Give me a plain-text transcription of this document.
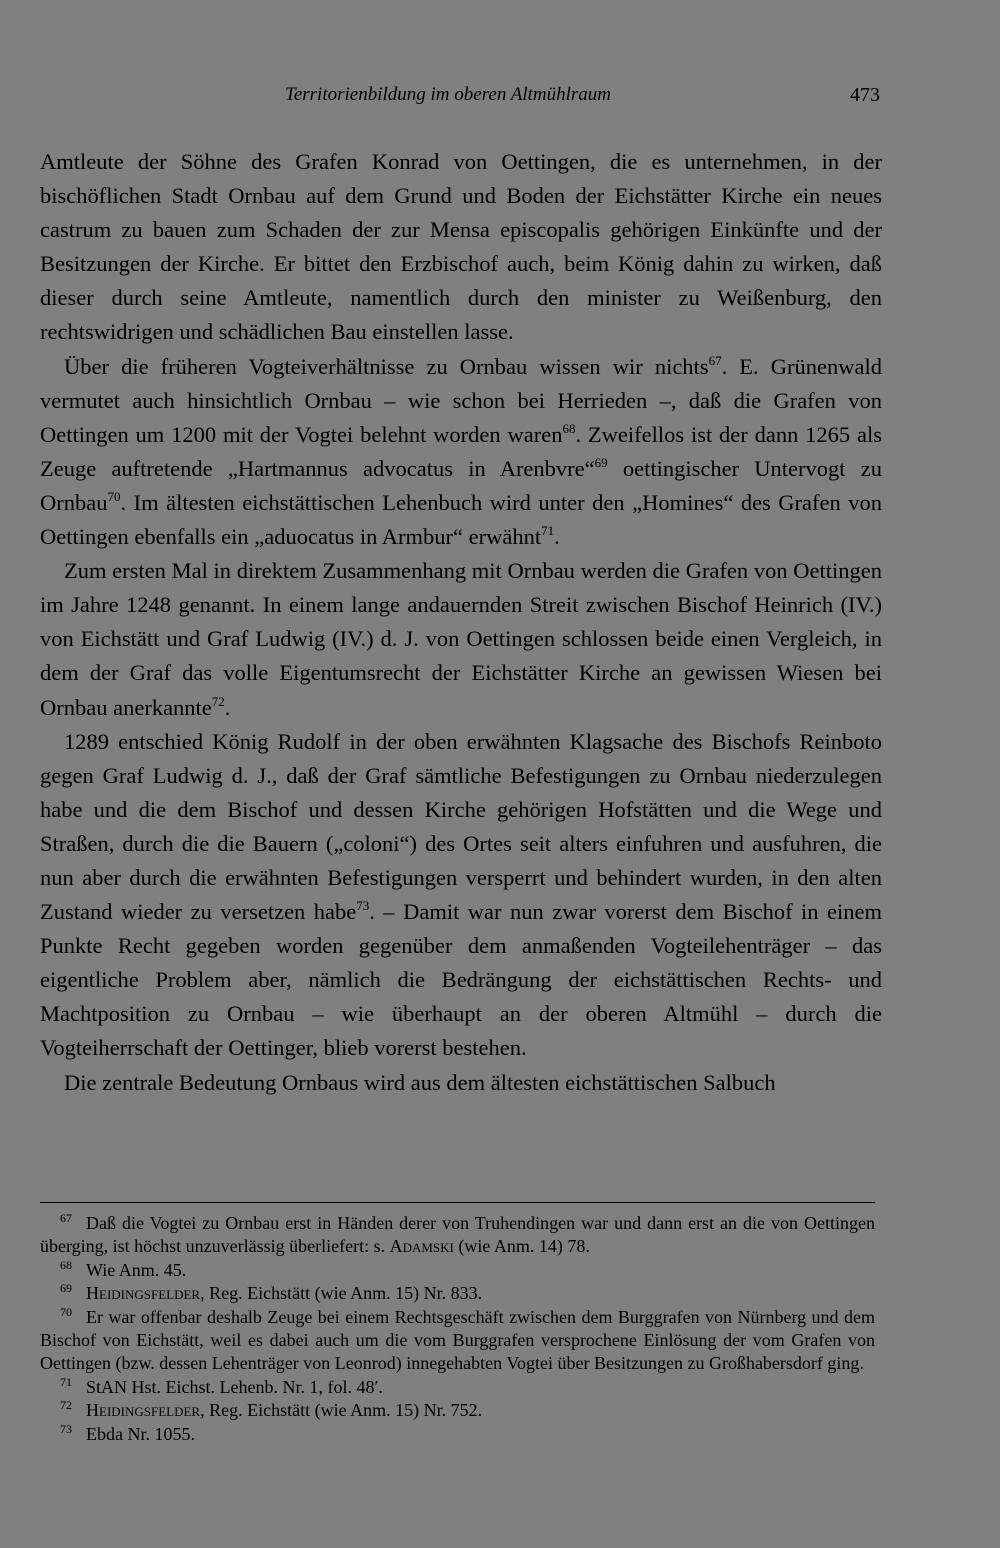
Territorienbildung im oberen Altmühlraum	473

Amtleute der Söhne des Grafen Konrad von Oettingen, die es unternehmen, in der bischöflichen Stadt Ornbau auf dem Grund und Boden der Eichstätter Kirche ein neues castrum zu bauen zum Schaden der zur Mensa episcopalis gehörigen Einkünfte und der Besitzungen der Kirche. Er bittet den Erzbischof auch, beim König dahin zu wirken, daß dieser durch seine Amtleute, namentlich durch den minister zu Weißenburg, den rechtswidrigen und schädlichen Bau einstellen lasse.

Über die früheren Vogteiverhältnisse zu Ornbau wissen wir nichts$^{67}$. E. Grünenwald vermutet auch hinsichtlich Ornbau – wie schon bei Herrieden –, daß die Grafen von Oettingen um 1200 mit der Vogtei belehnt worden waren$^{68}$. Zweifellos ist der dann 1265 als Zeuge auftretende „Hartmannus advocatus in Arenbvre“$^{69}$ oettingischer Untervogt zu Ornbau$^{70}$. Im ältesten eichstättischen Lehenbuch wird unter den „Homines“ des Grafen von Oettingen ebenfalls ein „aduocatus in Armbur“ erwähnt$^{71}$.

Zum ersten Mal in direktem Zusammenhang mit Ornbau werden die Grafen von Oettingen im Jahre 1248 genannt. In einem lange andauernden Streit zwischen Bischof Heinrich (IV.) von Eichstätt und Graf Ludwig (IV.) d. J. von Oettingen schlossen beide einen Vergleich, in dem der Graf das volle Eigentumsrecht der Eichstätter Kirche an gewissen Wiesen bei Ornbau anerkannte$^{72}$.

1289 entschied König Rudolf in der oben erwähnten Klagsache des Bischofs Reinboto gegen Graf Ludwig d. J., daß der Graf sämtliche Befestigungen zu Ornbau niederzulegen habe und die dem Bischof und dessen Kirche gehörigen Hofstätten und die Wege und Straßen, durch die die Bauern („coloni“) des Ortes seit alters einfuhren und ausfuhren, die nun aber durch die erwähnten Befestigungen versperrt und behindert wurden, in den alten Zustand wieder zu versetzen habe$^{73}$. – Damit war nun zwar vorerst dem Bischof in einem Punkte Recht gegeben worden gegenüber dem anmaßenden Vogteilehenträger – das eigentliche Problem aber, nämlich die Bedrängung der eichstättischen Rechts- und Machtposition zu Ornbau – wie überhaupt an der oberen Altmühl – durch die Vogteiherrschaft der Oettinger, blieb vorerst bestehen.

Die zentrale Bedeutung Ornbaus wird aus dem ältesten eichstättischen Salbuch

67 Daß die Vogtei zu Ornbau erst in Händen derer von Truhendingen war und dann erst an die von Oettingen überging, ist höchst unzuverlässig überliefert: s. Adamski (wie Anm. 14) 78.

68 Wie Anm. 45.

69 Heidingsfelder, Reg. Eichstätt (wie Anm. 15) Nr. 833.

70 Er war offenbar deshalb Zeuge bei einem Rechtsgeschäft zwischen dem Burggrafen von Nürnberg und dem Bischof von Eichstätt, weil es dabei auch um die vom Burggrafen versprochene Einlösung der vom Grafen von Oettingen (bzw. dessen Lehenträger von Leonrod) innegehabten Vogtei über Besitzungen zu Großhabersdorf ging.

71 StAN Hst. Eichst. Lehenb. Nr. 1, fol. 48′.

72 Heidingsfelder, Reg. Eichstätt (wie Anm. 15) Nr. 752.

73 Ebda Nr. 1055.
